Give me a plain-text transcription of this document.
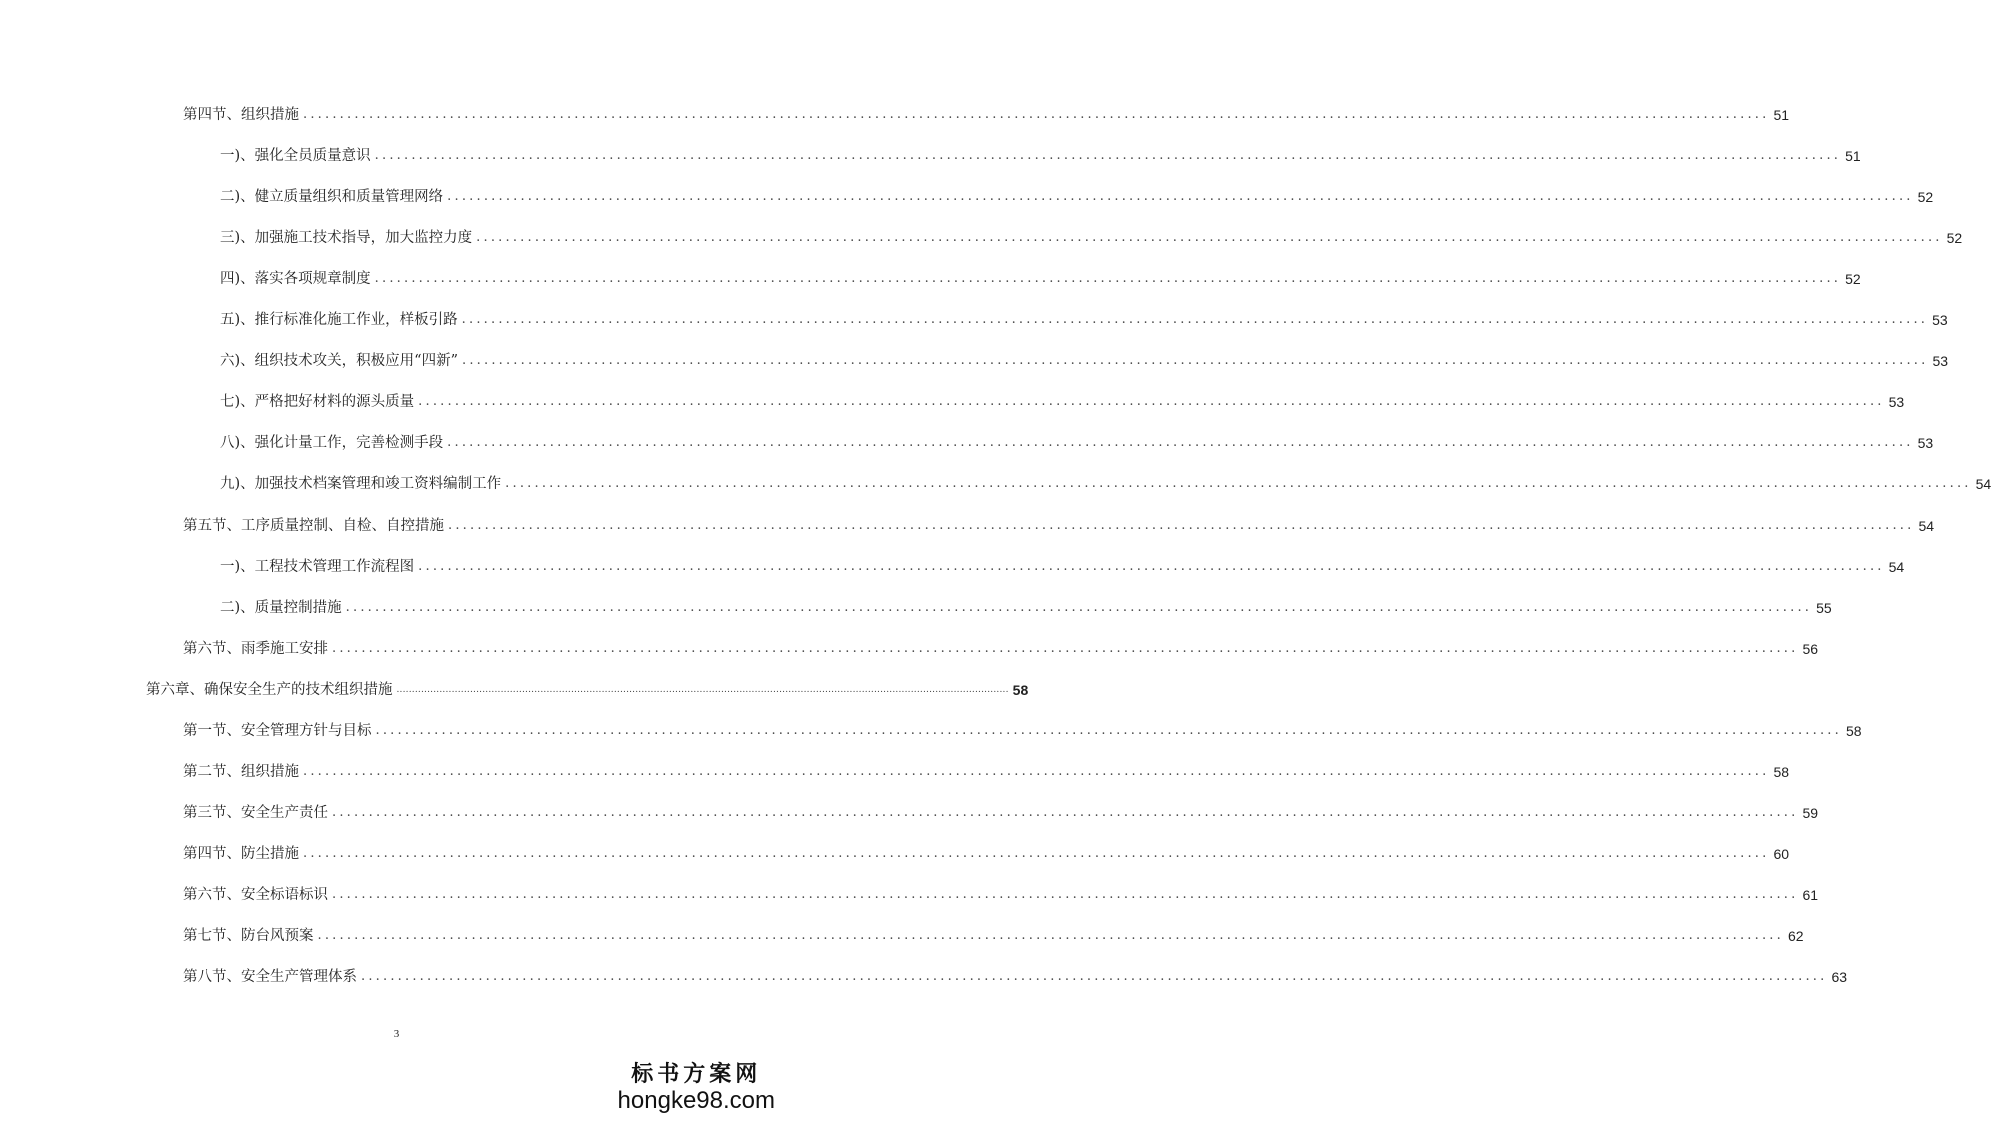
第四节、组织措施 ........................................................................................................................................................................................................ 51
一)、强化全员质量意识 ........................................................................................................................................................................................................ 51
二)、健立质量组织和质量管理网络 ........................................................................................................................................................................................................ 52
三)、加强施工技术指导，加大监控力度 ........................................................................................................................................................................................................ 52
四)、落实各项规章制度 ........................................................................................................................................................................................................ 52
五)、推行标准化施工作业，样板引路 ........................................................................................................................................................................................................ 53
六)、组织技术攻关，积极应用“四新” ........................................................................................................................................................................................................ 53
七)、严格把好材料的源头质量 ........................................................................................................................................................................................................ 53
八)、强化计量工作，完善检测手段 ........................................................................................................................................................................................................ 53
九)、加强技术档案管理和竣工资料编制工作 ........................................................................................................................................................................................................ 54
第五节、工序质量控制、自检、自控措施 ........................................................................................................................................................................................................ 54
一)、工程技术管理工作流程图 ........................................................................................................................................................................................................ 54
二)、质量控制措施 ........................................................................................................................................................................................................ 55
第六节、雨季施工安排 ........................................................................................................................................................................................................ 56
第六章、确保安全生产的技术组织措施 ........................................................................................................................................................................................................ 58
第一节、安全管理方针与目标 ........................................................................................................................................................................................................ 58
第二节、组织措施 ........................................................................................................................................................................................................ 58
第三节、安全生产责任 ........................................................................................................................................................................................................ 59
第四节、防尘措施 ........................................................................................................................................................................................................ 60
第六节、安全标语标识 ........................................................................................................................................................................................................ 61
第七节、防台风预案 ........................................................................................................................................................................................................ 62
第八节、安全生产管理体系 ........................................................................................................................................................................................................ 63
3
标书方案网
hongke98.com
